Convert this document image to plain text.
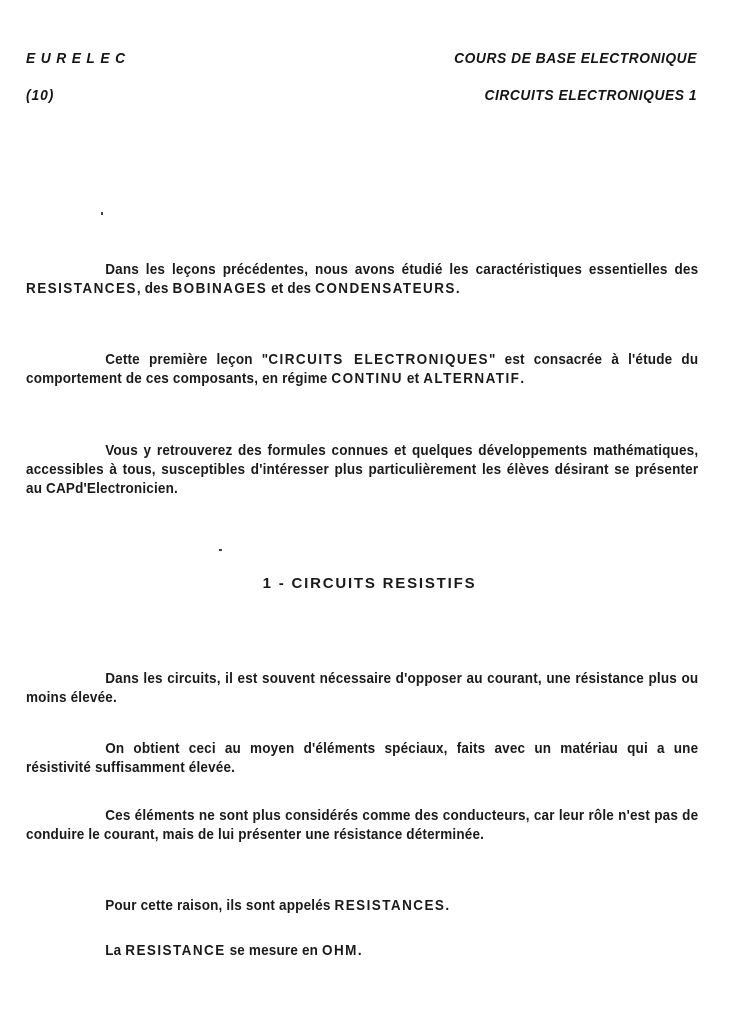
EURELEC
(10)
COURS DE BASE ELECTRONIQUE
CIRCUITS ELECTRONIQUES 1

Dans les leçons précédentes, nous avons étudié les caractéristiques essentielles des RESISTANCES, des BOBINAGES et des CONDENSATEURS.

Cette première leçon "CIRCUITS ELECTRONIQUES" est consacrée à l'étude du comportement de ces composants, en régime CONTINU et ALTERNATIF.

Vous y retrouverez des formules connues et quelques développements mathématiques, accessibles à tous, susceptibles d'intéresser plus particulièrement les élèves désirant se présenter au CAPd'Electronicien.

1 - CIRCUITS RESISTIFS

Dans les circuits, il est souvent nécessaire d'opposer au courant, une résistance plus ou moins élevée.

On obtient ceci au moyen d'éléments spéciaux, faits avec un matériau qui a une résistivité suffisamment élevée.

Ces éléments ne sont plus considérés comme des conducteurs, car leur rôle n'est pas de conduire le courant, mais de lui présenter une résistance déterminée.

Pour cette raison, ils sont appelés RESISTANCES.

La RESISTANCE se mesure en OHM.
